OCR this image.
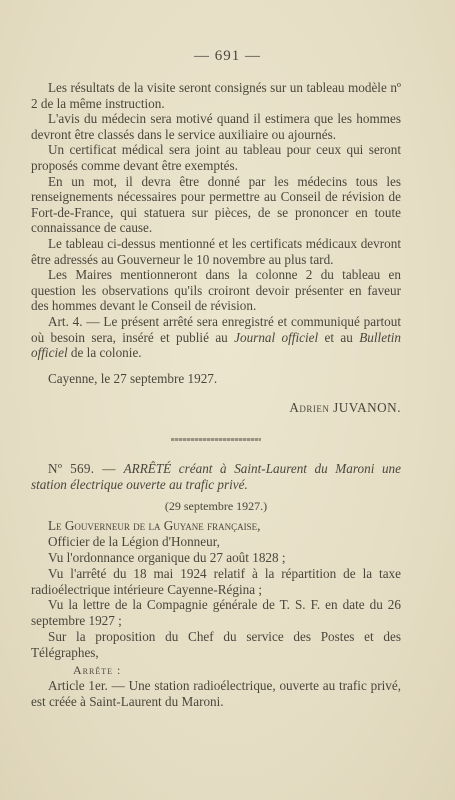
— 691 —

Les résultats de la visite seront consignés sur un tableau modèle nº 2 de la même instruction.

L'avis du médecin sera motivé quand il estimera que les hommes devront être classés dans le service auxiliaire ou ajournés.

Un certificat médical sera joint au tableau pour ceux qui seront proposés comme devant être exemptés.

En un mot, il devra être donné par les médecins tous les renseignements nécessaires pour permettre au Conseil de révision de Fort-de-France, qui statuera sur pièces, de se prononcer en toute connaissance de cause.

Le tableau ci-dessus mentionné et les certificats médicaux devront être adressés au Gouverneur le 10 novembre au plus tard.

Les Maires mentionneront dans la colonne 2 du tableau en question les observations qu'ils croiront devoir présenter en faveur des hommes devant le Conseil de révision.

Art. 4. — Le présent arrêté sera enregistré et communiqué partout où besoin sera, inséré et publié au Journal officiel et au Bulletin officiel de la colonie.

Cayenne, le 27 septembre 1927.

Adrien JUVANON.

Nº 569. — ARRÊTÉ créant à Saint-Laurent du Maroni une station électrique ouverte au trafic privé.

(29 septembre 1927.)

Le Gouverneur de la Guyane française,

Officier de la Légion d'Honneur,

Vu l'ordonnance organique du 27 août 1828 ;

Vu l'arrêté du 18 mai 1924 relatif à la répartition de la taxe radioélectrique intérieure Cayenne-Régina ;

Vu la lettre de la Compagnie générale de T. S. F. en date du 26 septembre 1927 ;

Sur la proposition du Chef du service des Postes et des Télégraphes,

Arrête :

Article 1er. — Une station radioélectrique, ouverte au trafic privé, est créée à Saint-Laurent du Maroni.
